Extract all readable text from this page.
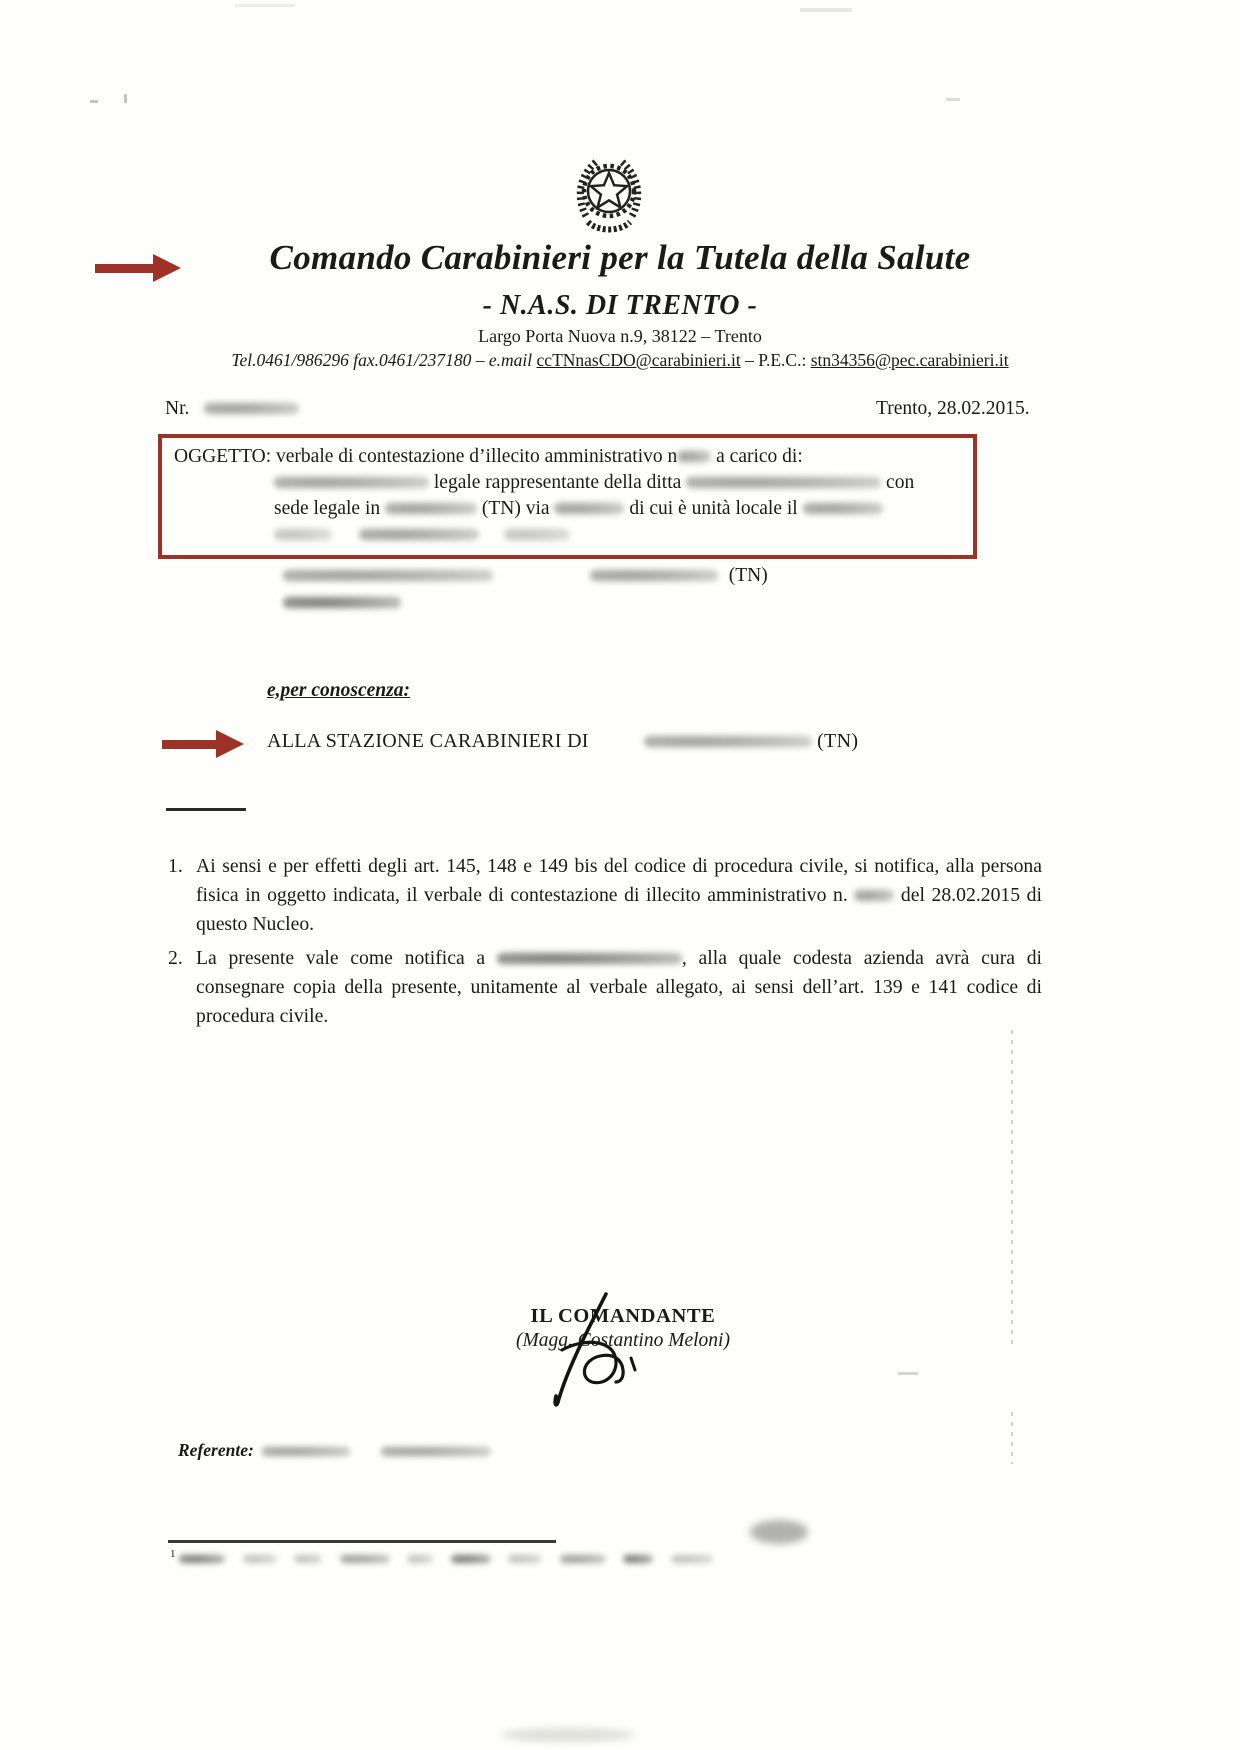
Comando Carabinieri per la Tutela della Salute
- N.A.S. DI TRENTO -
Largo Porta Nuova n.9, 38122 – Trento
Tel.0461/986296 fax.0461/237180 – e.mail ccTNnasCDO@carabinieri.it – P.E.C.: stn34356@pec.carabinieri.it
Nr.	Trento, 28.02.2015.
OGGETTO: verbale di contestazione d’illecito amministrativo n a carico di:
legale rappresentante della ditta	con
sede legale in	(TN) via	di cui è unità locale il

(TN)
e,per conoscenza:
ALLA STAZIONE CARABINIERI DI	(TN)
1. Ai sensi e per effetti degli art. 145, 148 e 149 bis del codice di procedura civile, si notifica, alla persona fisica in oggetto indicata, il verbale di contestazione di illecito amministrativo n.	del 28.02.2015 di questo Nucleo.
2. La presente vale come notifica a	, alla quale codesta azienda avrà cura di consegnare copia della presente, unitamente al verbale allegato, ai sensi dell’art. 139 e 141 codice di procedura civile.
IL COMANDANTE
(Magg. Costantino Meloni)
Referente:
$^1$
